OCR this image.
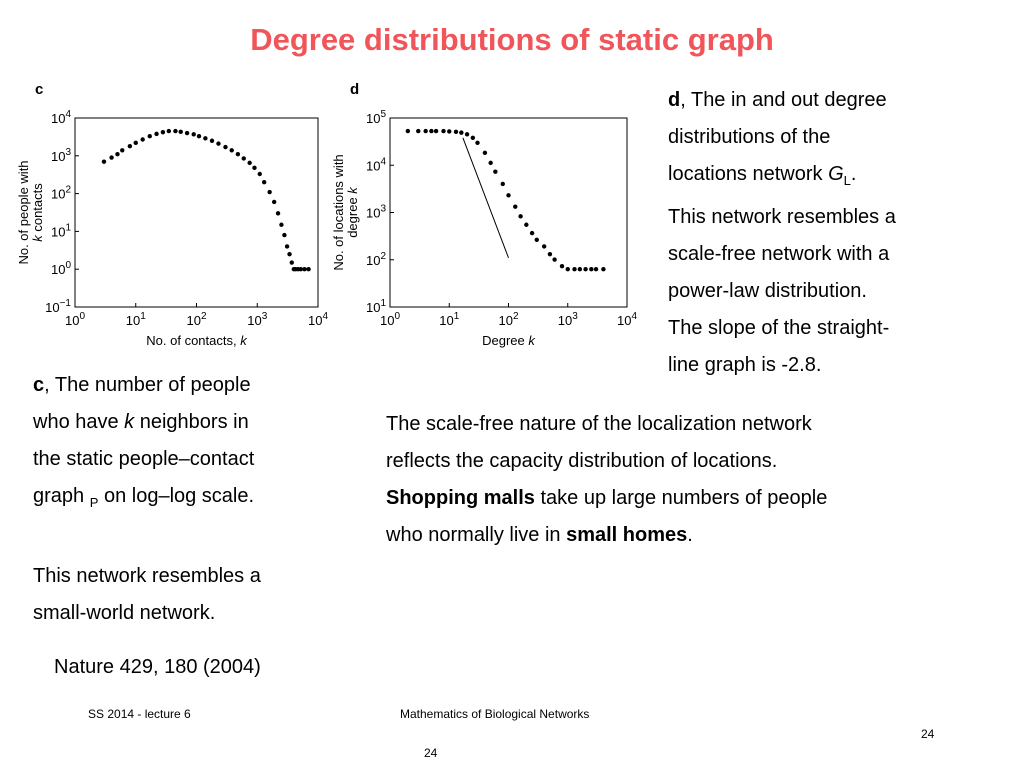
Degree distributions of static graph
c
$10^0$	$10^1$	$10^2$	$10^3$	$10^4$
$10^{-1}$
$10^0$
$10^1$
$10^2$
$10^3$
$10^4$
No. of contacts, k
No. of people with k contacts
d
$10^0$	$10^1$	$10^2$	$10^3$	$10^4$
$10^1$
$10^2$
$10^3$
$10^4$
$10^5$
Degree k
No. of locations with degree k
d, The in and out degree
distributions of the
locations network $G_L$.
This network resembles a
scale-free network with a
power-law distribution.
The slope of the straight-
line graph is -2.8.
c, The number of people
who have k neighbors in
the static people–contact
graph $_P$ on log–log scale.
This network resembles a
small-world network.
Nature 429, 180 (2004)
The scale-free nature of the localization network
reflects the capacity distribution of locations.
Shopping malls take up large numbers of people
who normally live in small homes.
SS 2014 - lecture 6	Mathematics of Biological Networks
24
24
